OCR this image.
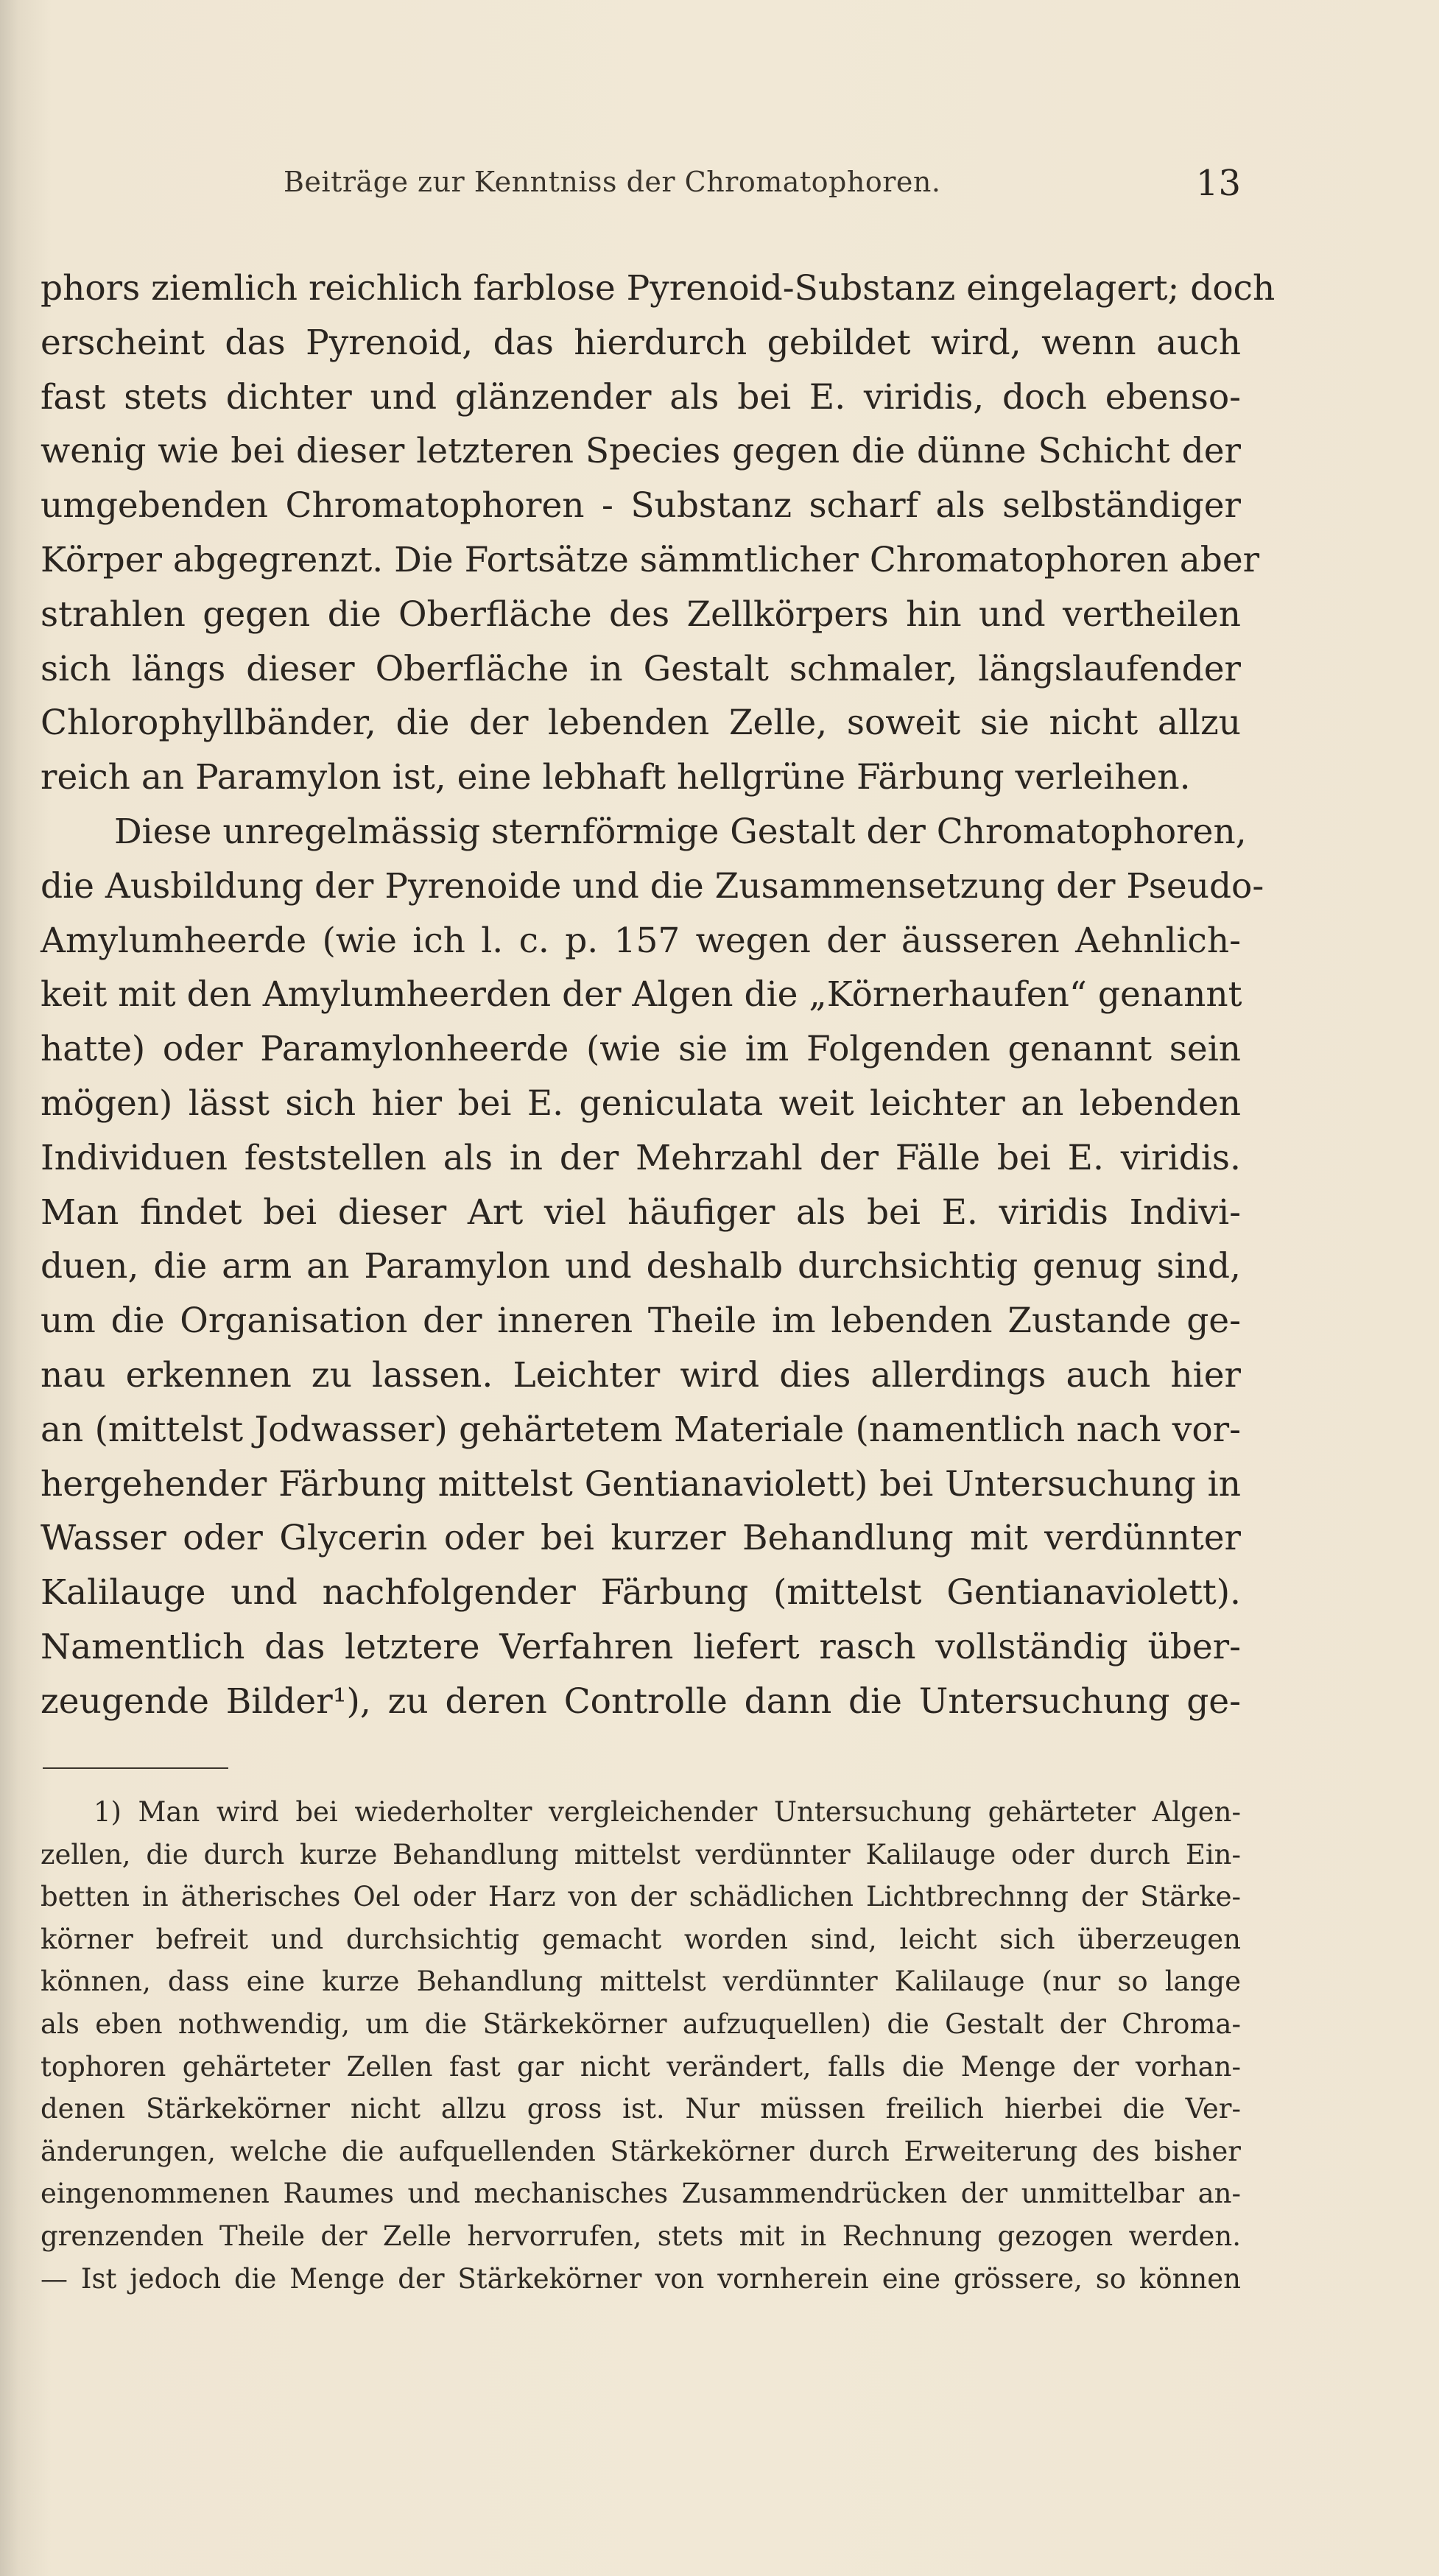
Beiträge zur Kenntniss der Chromatophoren.	13
phors ziemlich reichlich farblose Pyrenoid-Substanz eingelagert; doch
erscheint das Pyrenoid, das hierdurch gebildet wird, wenn auch
fast stets dichter und glänzender als bei E. viridis, doch ebenso-
wenig wie bei dieser letzteren Species gegen die dünne Schicht der
umgebenden Chromatophoren - Substanz scharf als selbständiger
Körper abgegrenzt. Die Fortsätze sämmtlicher Chromatophoren aber
strahlen gegen die Oberfläche des Zellkörpers hin und vertheilen
sich längs dieser Oberfläche in Gestalt schmaler, längslaufender
Chlorophyllbänder, die der lebenden Zelle, soweit sie nicht allzu
reich an Paramylon ist, eine lebhaft hellgrüne Färbung verleihen.
Diese unregelmässig sternförmige Gestalt der Chromatophoren,
die Ausbildung der Pyrenoide und die Zusammensetzung der Pseudo-
Amylumheerde (wie ich l. c. p. 157 wegen der äusseren Aehnlich-
keit mit den Amylumheerden der Algen die „Körnerhaufen“ genannt
hatte) oder Paramylonheerde (wie sie im Folgenden genannt sein
mögen) lässt sich hier bei E. geniculata weit leichter an lebenden
Individuen feststellen als in der Mehrzahl der Fälle bei E. viridis.
Man findet bei dieser Art viel häufiger als bei E. viridis Indivi-
duen, die arm an Paramylon und deshalb durchsichtig genug sind,
um die Organisation der inneren Theile im lebenden Zustande ge-
nau erkennen zu lassen. Leichter wird dies allerdings auch hier
an (mittelst Jodwasser) gehärtetem Materiale (namentlich nach vor-
hergehender Färbung mittelst Gentianaviolett) bei Untersuchung in
Wasser oder Glycerin oder bei kurzer Behandlung mit verdünnter
Kalilauge und nachfolgender Färbung (mittelst Gentianaviolett).
Namentlich das letztere Verfahren liefert rasch vollständig über-
zeugende Bilder¹), zu deren Controlle dann die Untersuchung ge-
1) Man wird bei wiederholter vergleichender Untersuchung gehärteter Algen-
zellen, die durch kurze Behandlung mittelst verdünnter Kalilauge oder durch Ein-
betten in ätherisches Oel oder Harz von der schädlichen Lichtbrechnng der Stärke-
körner befreit und durchsichtig gemacht worden sind, leicht sich überzeugen
können, dass eine kurze Behandlung mittelst verdünnter Kalilauge (nur so lange
als eben nothwendig, um die Stärkekörner aufzuquellen) die Gestalt der Chroma-
tophoren gehärteter Zellen fast gar nicht verändert, falls die Menge der vorhan-
denen Stärkekörner nicht allzu gross ist. Nur müssen freilich hierbei die Ver-
änderungen, welche die aufquellenden Stärkekörner durch Erweiterung des bisher
eingenommenen Raumes und mechanisches Zusammendrücken der unmittelbar an-
grenzenden Theile der Zelle hervorrufen, stets mit in Rechnung gezogen werden.
— Ist jedoch die Menge der Stärkekörner von vornherein eine grössere, so können
